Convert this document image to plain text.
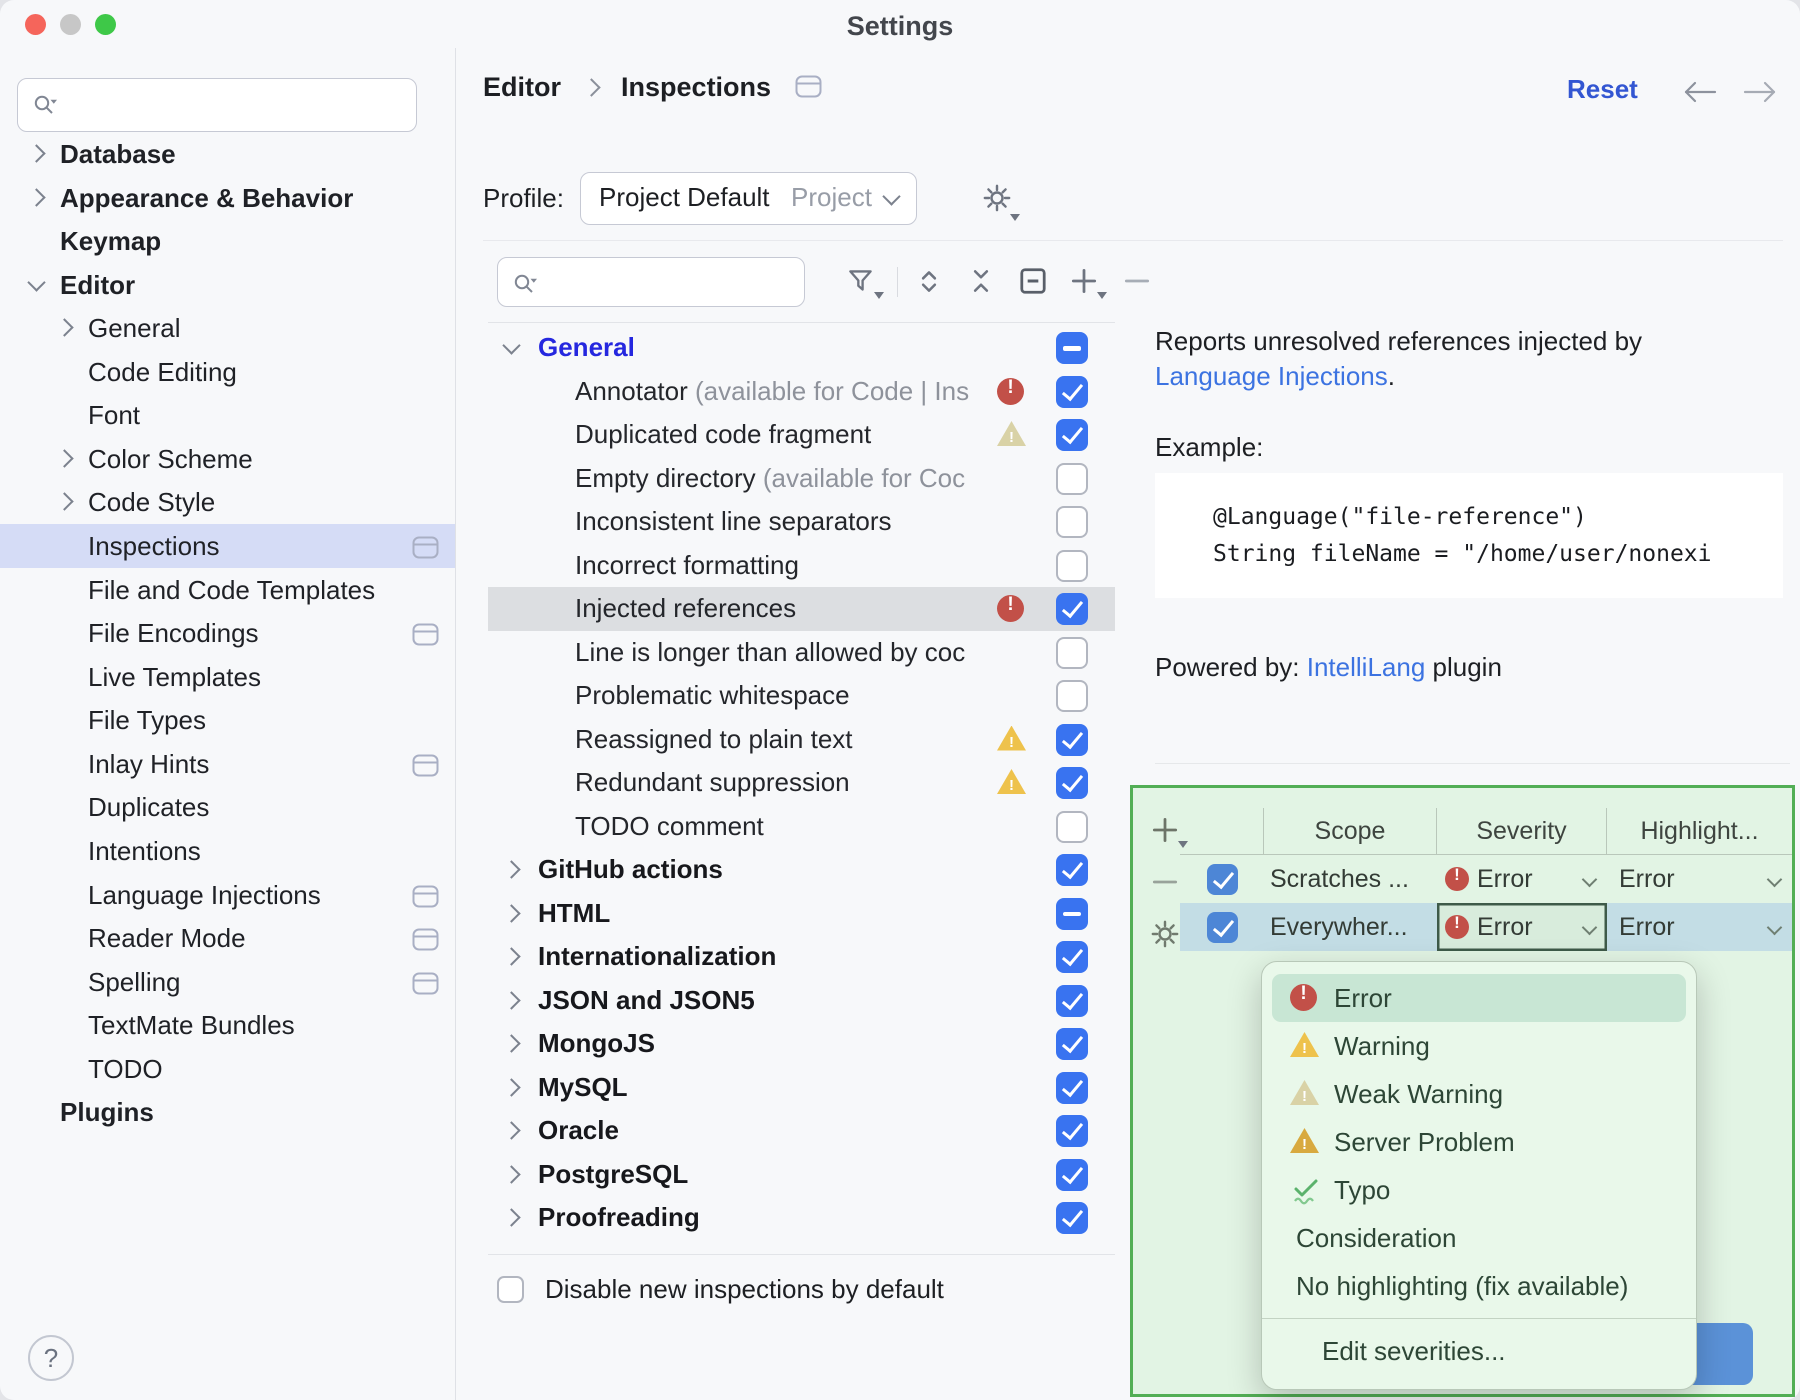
Settings
Database
Appearance & Behavior
Keymap
Editor
General
Code Editing
Font
Color Scheme
Code Style
Inspections
File and Code Templates
File Encodings
Live Templates
File Types
Inlay Hints
Duplicates
Intentions
Language Injections
Reader Mode
Spelling
TextMate Bundles
TODO
Plugins
?
Editor Inspections	Reset
Profile: Project Default Project
General
Annotator (available for Code | Ins
!
Duplicated code fragment
!
Empty directory (available for Coc
Inconsistent line separators
Incorrect formatting
Injected references
!
Line is longer than allowed by coc
Problematic whitespace
Reassigned to plain text
!
Redundant suppression
!
TODO comment
GitHub actions
HTML
Internationalization
JSON and JSON5
MongoJS
MySQL
Oracle
PostgreSQL
Proofreading
Disable new inspections by default
Reports unresolved references injected by
Language Injections.
Example:
@Language("file-reference")
String fileName = "/home/user/nonexi
Powered by: IntelliLang plugin
Scope	Severity	Highlight...
Scratches ... !	Error	Error
Everywher... !	Error	Error
!
Error
!
Warning
!
Weak Warning
!
Server Problem
Typo
Consideration
No highlighting (fix available)
Edit severities...
